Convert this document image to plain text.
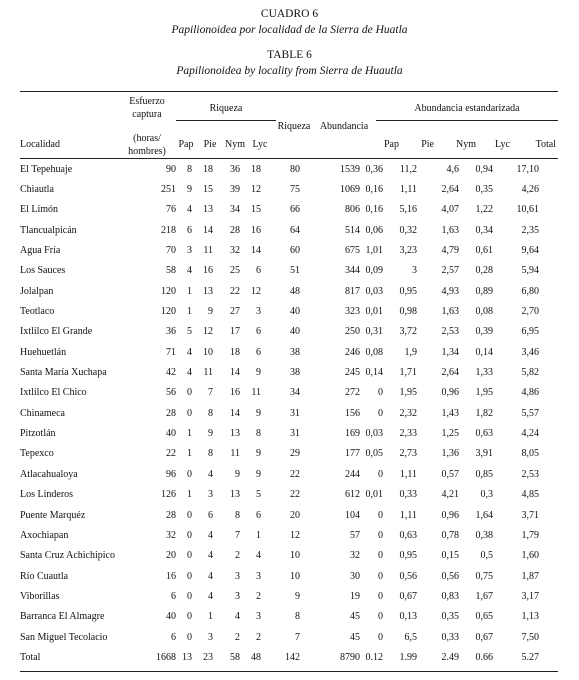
CUADRO 6
Papilionoidea por localidad de la Sierra de Huatla
TABLE 6
Papilionoidea by locality from Sierra de Huautla
Esfuerzo
captura
(horas/
hombres)
Riqueza	Abundancia estandarizada
Riqueza Abundancia
Localidad	Pap	Pie Nym Lyc	Pap	Pie	Nym	Lyc	Total
El Tepehuaje	90	8	18	36	18	80	1539	0,36	11,2	4,6	0,94	17,10
Chiautla	251	9	15	39	12	75	1069	0,16	1,11	2,64	0,35	4,26
El Limón	76	4	13	34	15	66	806	0,16	5,16	4,07	1,22	10,61
Tlancualpicán	218	6	14	28	16	64	514	0,06	0,32	1,63	0,34	2,35
Agua Fría	70	3	11	32	14	60	675	1,01	3,23	4,79	0,61	9,64
Los Sauces	58	4	16	25	6	51	344	0,09	3	2,57	0,28	5,94
Jolalpan	120	1	13	22	12	48	817	0,03	0,95	4,93	0,89	6,80
Teotlaco	120	1	9	27	3	40	323	0,01	0,98	1,63	0,08	2,70
Ixtlilco El Grande	36	5	12	17	6	40	250	0,31	3,72	2,53	0,39	6,95
Huehuetlán	71	4	10	18	6	38	246	0,08	1,9	1,34	0,14	3,46
Santa María Xuchapa	42	4	11	14	9	38	245	0,14	1,71	2,64	1,33	5,82
Ixtlilco El Chico	56	0	7	16	11	34	272	0	1,95	0,96	1,95	4,86
Chinameca	28	0	8	14	9	31	156	0	2,32	1,43	1,82	5,57
Pitzotlán	40	1	9	13	8	31	169	0,03	2,33	1,25	0,63	4,24
Tepexco	22	1	8	11	9	29	177	0,05	2,73	1,36	3,91	8,05
Atlacahualoya	96	0	4	9	9	22	244	0	1,11	0,57	0,85	2,53
Los Linderos	126	1	3	13	5	22	612	0,01	0,33	4,21	0,3	4,85
Puente Marquéz	28	0	6	8	6	20	104	0	1,11	0,96	1,64	3,71
Axochiapan	32	0	4	7	1	12	57	0	0,63	0,78	0,38	1,79
Santa Cruz Achichipico	20	0	4	2	4	10	32	0	0,95	0,15	0,5	1,60
Río Cuautla	16	0	4	3	3	10	30	0	0,56	0,56	0,75	1,87
Viborillas	6	0	4	3	2	9	19	0	0,67	0,83	1,67	3,17
Barranca El Almagre	40	0	1	4	3	8	45	0	0,13	0,35	0,65	1,13
San Miguel Tecolacio	6	0	3	2	2	7	45	0	6,5	0,33	0,67	7,50
Total	1668	13	23	58	48	142	8790	0.12	1.99	2.49	0.66	5.27
